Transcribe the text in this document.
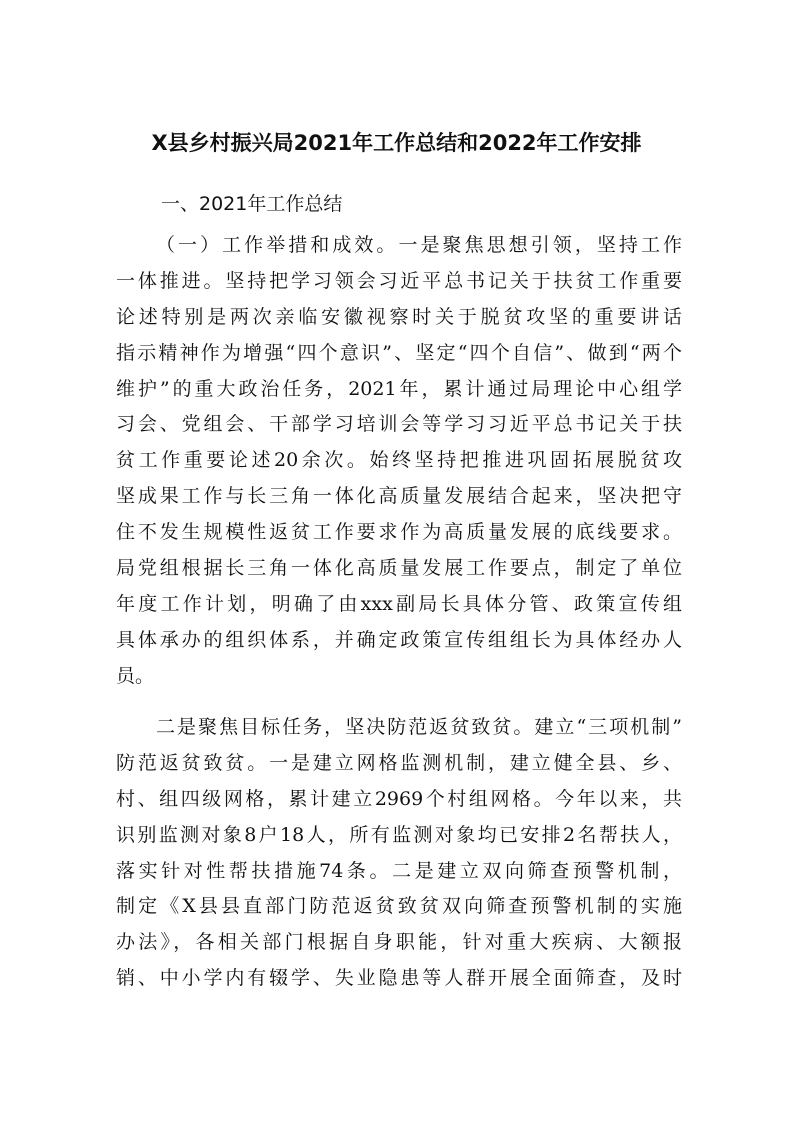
X县乡村振兴局2021年工作总结和2022年工作安排
一、2021年工作总结
（一）工作举措和成效。一是聚焦思想引领，坚持工作
一体推进。坚持把学习领会习近平总书记关于扶贫工作重要
论述特别是两次亲临安徽视察时关于脱贫攻坚的重要讲话
指示精神作为增强“四个意识”、坚定“四个自信”、做到“两个
维护”的重大政治任务，2021年，累计通过局理论中心组学
习会、党组会、干部学习培训会等学习习近平总书记关于扶
贫工作重要论述20余次。始终坚持把推进巩固拓展脱贫攻
坚成果工作与长三角一体化高质量发展结合起来，坚决把守
住不发生规模性返贫工作要求作为高质量发展的底线要求。
局党组根据长三角一体化高质量发展工作要点，制定了单位
年度工作计划，明确了由xxx副局长具体分管、政策宣传组
具体承办的组织体系，并确定政策宣传组组长为具体经办人
员。
二是聚焦目标任务，坚决防范返贫致贫。建立“三项机制”
防范返贫致贫。一是建立网格监测机制，建立健全县、乡、
村、组四级网格，累计建立2969个村组网格。今年以来，共
识别监测对象8户18人，所有监测对象均已安排2名帮扶人，
落实针对性帮扶措施74条。二是建立双向筛查预警机制，
制定《X县县直部门防范返贫致贫双向筛查预警机制的实施
办法》，各相关部门根据自身职能，针对重大疾病、大额报
销、中小学内有辍学、失业隐患等人群开展全面筛查，及时
